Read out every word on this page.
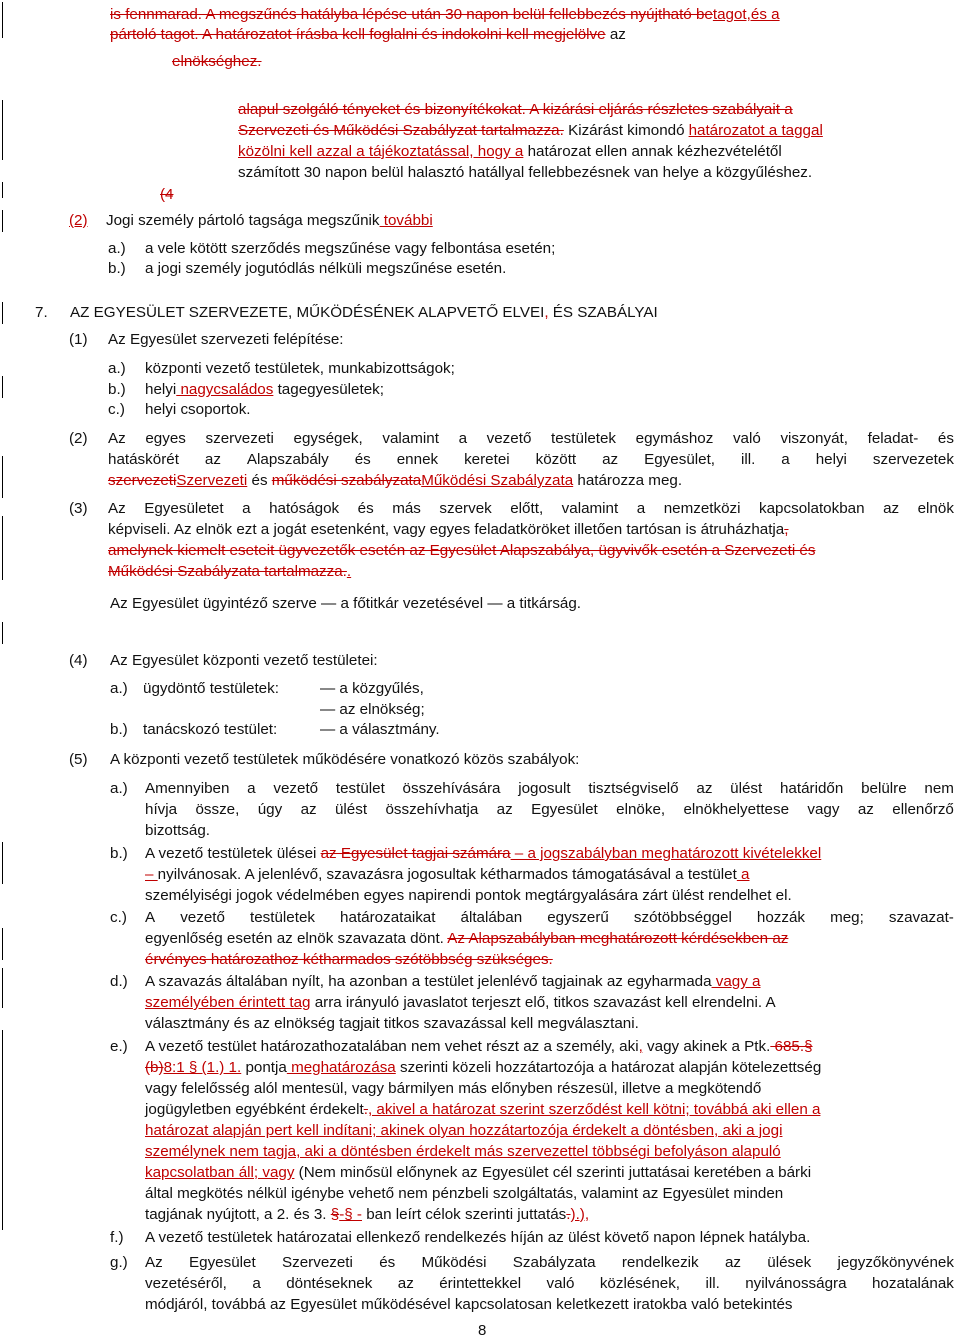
is fennmarad. A megszűnés hatályba lépése után 30 napon belül fellebbezés nyújtható betagot,és a
pártoló tagot. A határozatot írásba kell foglalni és indokolni kell megjelölve az
elnökséghez.
alapul szolgáló tényeket és bizonyítékokat. A kizárási eljárás részletes szabályait a
Szervezeti és Működési Szabályzat tartalmazza. Kizárást kimondó határozatot a taggal
közölni kell azzal a tájékoztatással, hogy a határozat ellen annak kézhezvételétől
számított 30 napon belül halasztó hatállyal fellebbezésnek van helye a közgyűléshez.
(4
(2) Jogi személy pártoló tagsága megszűnik további
a.) a vele kötött szerződés megszűnése vagy felbontása esetén;
b.) a jogi személy jogutódlás nélküli megszűnése esetén.
7. AZ EGYESÜLET SZERVEZETE, MŰKÖDÉSÉNEK ALAPVETŐ ELVEI, ÉS SZABÁLYAI
(1) Az Egyesület szervezeti felépítése:
a.) központi vezető testületek, munkabizottságok;
b.) helyi nagycsaládos tagegyesületek;
c.) helyi csoportok.
(2) Az egyes szervezeti egységek, valamint a vezető testületek egymáshoz való viszonyát, feladat- és
hatáskörét az Alapszabály és ennek keretei között az Egyesület, ill. a helyi szervezetek
szervezetiSzervezeti és működési szabályzataMűködési Szabályzata határozza meg.
(3) Az Egyesületet a hatóságok és más szervek előtt, valamint a nemzetközi kapcsolatokban az elnök
képviseli. Az elnök ezt a jogát esetenként, vagy egyes feladatköröket illetően tartósan is átruházhatja,
amelynek kiemelt eseteit ügyvezetők esetén az Egyesület Alapszabálya, ügyvivők esetén a Szervezeti és
Működési Szabályzata tartalmazza..
Az Egyesület ügyintéző szerve — a főtitkár vezetésével — a titkárság.
(4) Az Egyesület központi vezető testületei:
a.) ügydöntő testületek:	— a közgyűlés,
— az elnökség;
b.) tanácskozó testület:	— a választmány.
(5) A központi vezető testületek működésére vonatkozó közös szabályok:
a.) Amennyiben a vezető testület összehívására jogosult tisztségviselő az ülést határidőn belülre nem
hívja össze, úgy az ülést összehívhatja az Egyesület elnöke, elnökhelyettese vagy az ellenőrző
bizottság.
b.) A vezető testületek ülései az Egyesület tagjai számára – a jogszabályban meghatározott kivételekkel
– nyilvánosak. A jelenlévő, szavazásra jogosultak kétharmados támogatásával a testület a
személyiségi jogok védelmében egyes napirendi pontok megtárgyalására zárt ülést rendelhet el.
c.) A vezető testületek határozataikat általában egyszerű szótöbbséggel hozzák meg; szavazat-
egyenlőség esetén az elnök szavazata dönt. Az Alapszabályban meghatározott kérdésekben az
érvényes határozathoz kétharmados szótöbbség szükséges.
d.) A szavazás általában nyílt, ha azonban a testület jelenlévő tagjainak az egyharmada vagy a
személyében érintett tag arra irányuló javaslatot terjeszt elő, titkos szavazást kell elrendelni. A
választmány és az elnökség tagjait titkos szavazással kell megválasztani.
e.) A vezető testület határozathozatalában nem vehet részt az a személy, aki, vagy akinek a Ptk. 685.§
(b)8:1 § (1.) 1. pontja meghatározása szerinti közeli hozzátartozója a határozat alapján kötelezettség
vagy felelősség alól mentesül, vagy bármilyen más előnyben részesül, illetve a megkötendő
jogügyletben egyébként érdekelt., akivel a határozat szerint szerződést kell kötni; továbbá aki ellen a
határozat alapján pert kell indítani; akinek olyan hozzátartozója érdekelt a döntésben, aki a jogi
személynek nem tagja, aki a döntésben érdekelt más szervezettel többségi befolyáson alapuló
kapcsolatban áll; vagy (Nem minősül előnynek az Egyesület cél szerinti juttatásai keretében a bárki
által megkötés nélkül igénybe vehető nem pénzbeli szolgáltatás, valamint az Egyesület minden
tagjának nyújtott, a 2. és 3. §-§ - ban leírt célok szerinti juttatás.).),
f.) A vezető testületek határozatai ellenkező rendelkezés híján az ülést követő napon lépnek hatályba.
g.) Az Egyesület Szervezeti és Működési Szabályzata rendelkezik az ülések jegyzőkönyvének
vezetéséről, a döntéseknek az érintettekkel való közlésének, ill. nyilvánosságra hozatalának
módjáról, továbbá az Egyesület működésével kapcsolatosan keletkezett iratokba való betekintés
8
